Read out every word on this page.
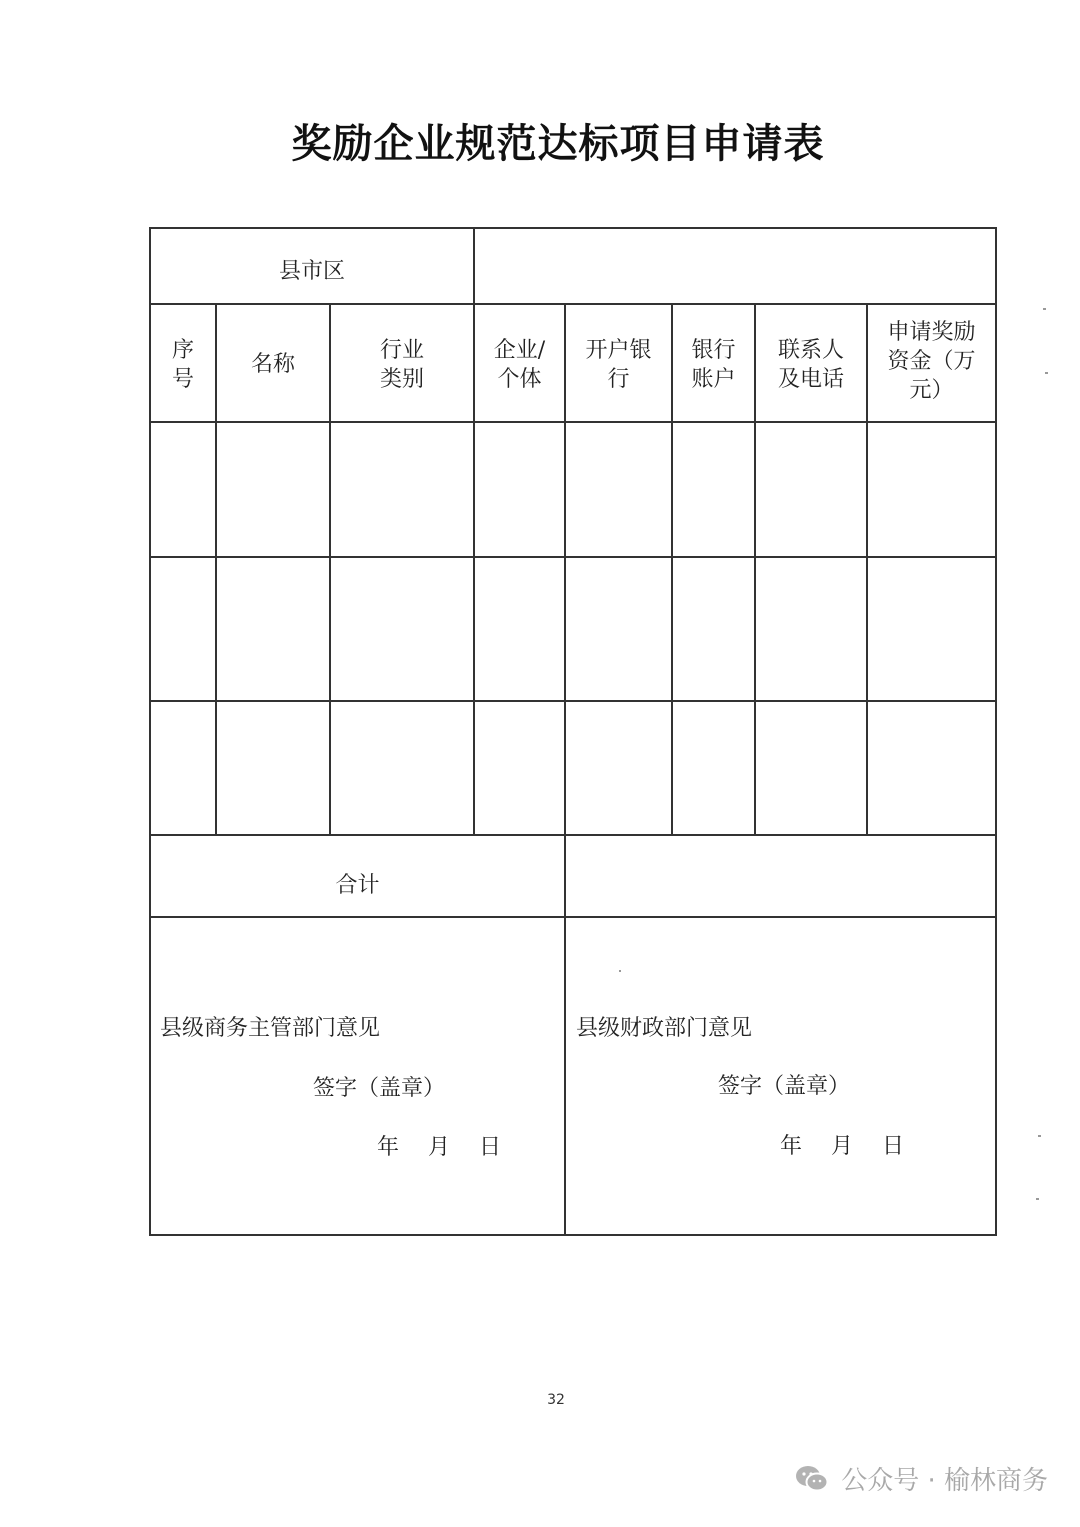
奖励企业规范达标项目申请表
县市区
序
号
名称
行业
类别
企业/
个体
开户银
行
银行
账户
联系人
及电话
申请奖励
资金（万
元）
合计
县级商务主管部门意见
签字（盖章）
年　 月　 日
县级财政部门意见
签字（盖章）
年　 月　 日
32
公众号 · 榆林商务
